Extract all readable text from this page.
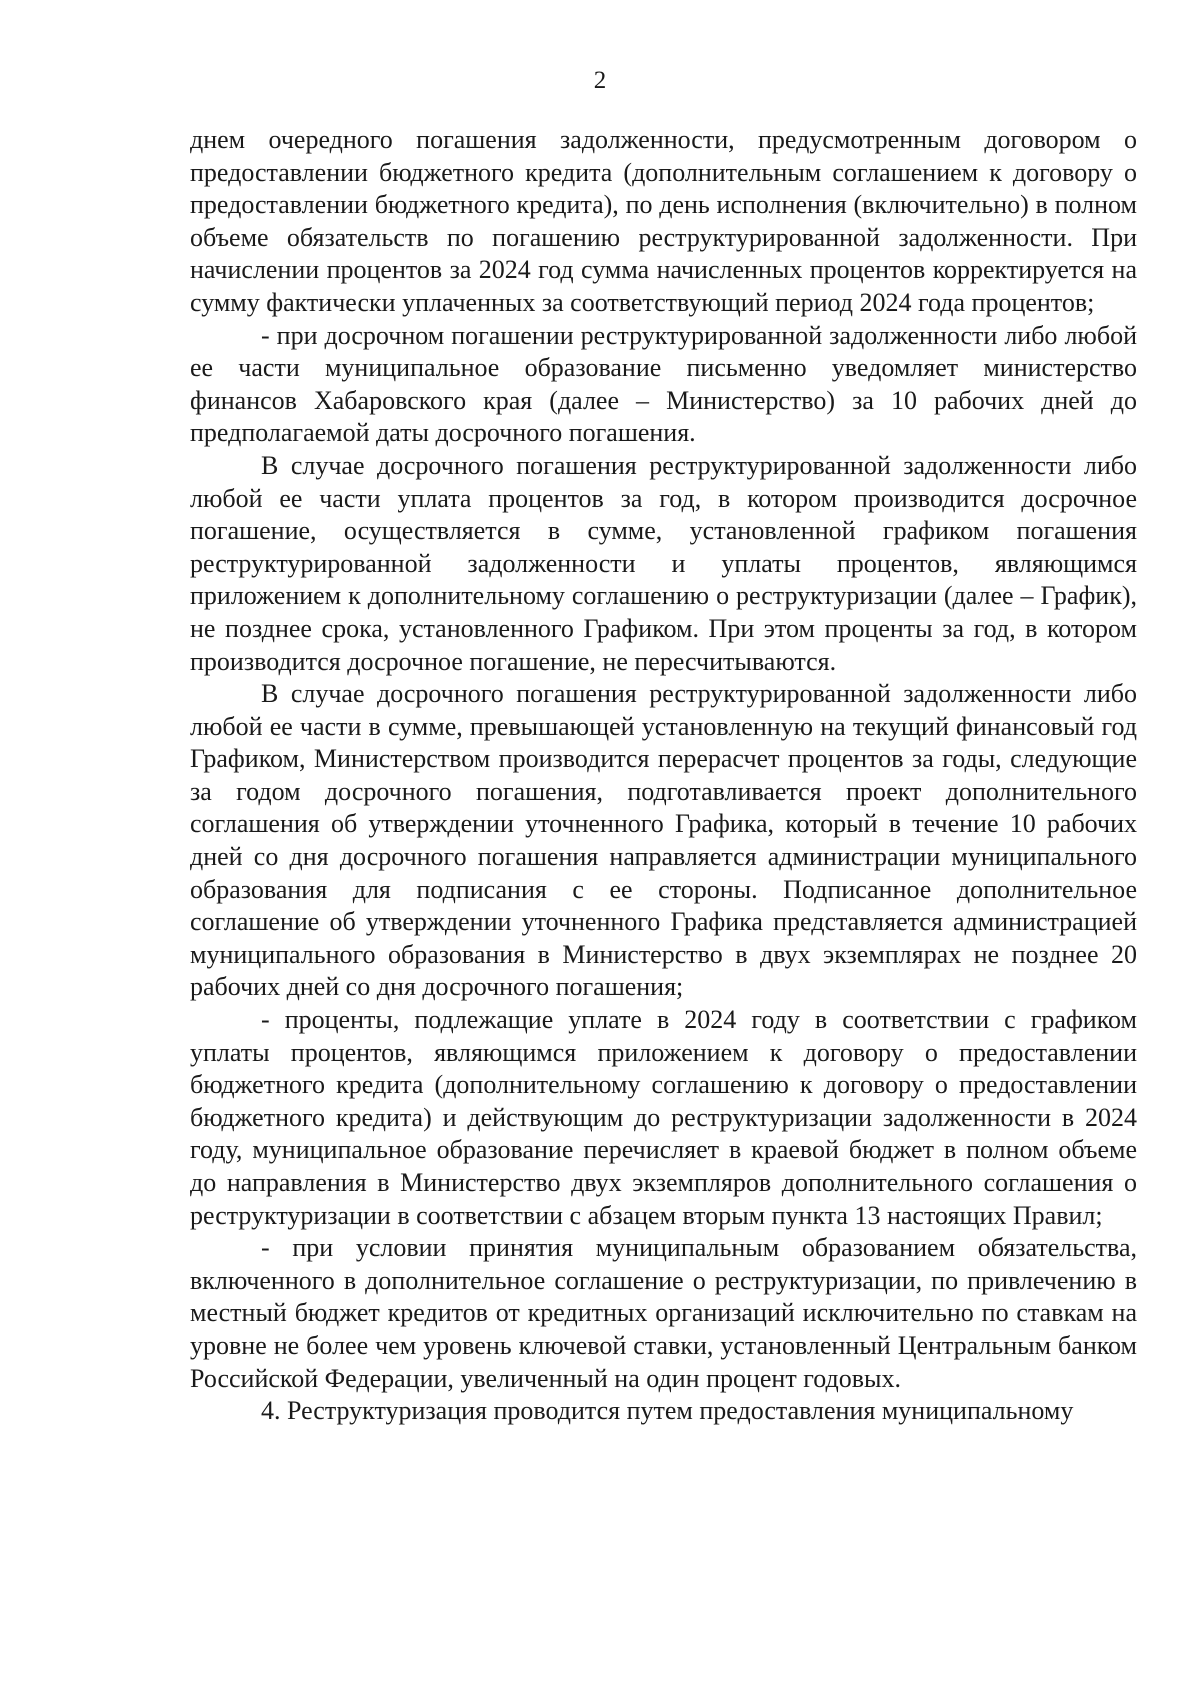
2

днем очередного погашения задолженности, предусмотренным договором о предоставлении бюджетного кредита (дополнительным соглашением к договору о предоставлении бюджетного кредита), по день исполнения (включительно) в полном объеме обязательств по погашению реструктурированной задолженности. При начислении процентов за 2024 год сумма начисленных процентов корректируется на сумму фактически уплаченных за соответствующий период 2024 года процентов;

- при досрочном погашении реструктурированной задолженности либо любой ее части муниципальное образование письменно уведомляет министерство финансов Хабаровского края (далее – Министерство) за 10 рабочих дней до предполагаемой даты досрочного погашения.

В случае досрочного погашения реструктурированной задолженности либо любой ее части уплата процентов за год, в котором производится досрочное погашение, осуществляется в сумме, установленной графиком погашения реструктурированной задолженности и уплаты процентов, являющимся приложением к дополнительному соглашению о реструктуризации (далее – График), не позднее срока, установленного Графиком. При этом проценты за год, в котором производится досрочное погашение, не пересчитываются.

В случае досрочного погашения реструктурированной задолженности либо любой ее части в сумме, превышающей установленную на текущий финансовый год Графиком, Министерством производится перерасчет процентов за годы, следующие за годом досрочного погашения, подготавливается проект дополнительного соглашения об утверждении уточненного Графика, который в течение 10 рабочих дней со дня досрочного погашения направляется администрации муниципального образования для подписания с ее стороны. Подписанное дополнительное соглашение об утверждении уточненного Графика представляется администрацией муниципального образования в Министерство в двух экземплярах не позднее 20 рабочих дней со дня досрочного погашения;

- проценты, подлежащие уплате в 2024 году в соответствии с графиком уплаты процентов, являющимся приложением к договору о предоставлении бюджетного кредита (дополнительному соглашению к договору о предоставлении бюджетного кредита) и действующим до реструктуризации задолженности в 2024 году, муниципальное образование перечисляет в краевой бюджет в полном объеме до направления в Министерство двух экземпляров дополнительного соглашения о реструктуризации в соответствии с абзацем вторым пункта 13 настоящих Правил;

- при условии принятия муниципальным образованием обязательства, включенного в дополнительное соглашение о реструктуризации, по привлечению в местный бюджет кредитов от кредитных организаций исключительно по ставкам на уровне не более чем уровень ключевой ставки, установленный Центральным банком Российской Федерации, увеличенный на один процент годовых.

4. Реструктуризация проводится путем предоставления муниципальному
